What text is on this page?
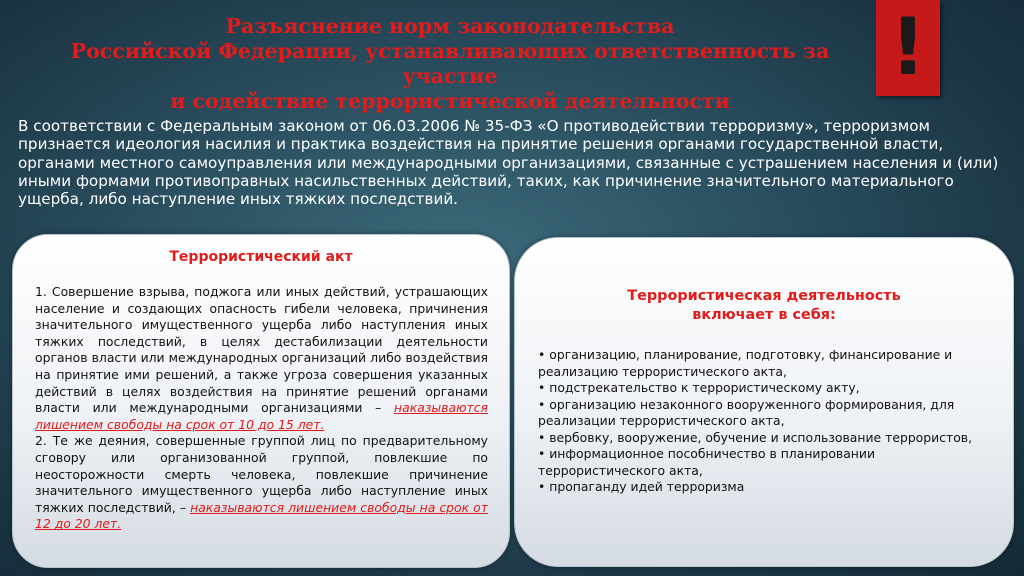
Разъяснение норм законодательства
Российской Федерации, устанавливающих ответственность за участие
и содействие террористической деятельности
!
В соответствии с Федеральным законом от 06.03.2006 № 35-ФЗ «О противодействии терроризму», терроризмом признается идеология насилия и практика воздействия на принятие решения органами государственной власти, органами местного самоуправления или международными организациями, связанные с устрашением населения и (или) иными формами противоправных насильственных действий, таких, как причинение значительного материального ущерба, либо наступление иных тяжких последствий.
Террористический акт

1. Совершение взрыва, поджога или иных действий, устрашающих население и создающих опасность гибели человека, причинения значительного имущественного ущерба либо наступления иных тяжких последствий, в целях дестабилизации деятельности органов власти или международных организаций либо воздействия на принятие ими решений, а также угроза совершения указанных действий в целях воздействия на принятие решений органами власти или международными организациями – наказываются лишением свободы на срок от 10 до 15 лет.

2. Те же деяния, совершенные группой лиц по предварительному сговору или организованной группой, повлекшие по неосторожности смерть человека, повлекшие причинение значительного имущественного ущерба либо наступление иных тяжких последствий, – наказываются лишением свободы на срок от 12 до 20 лет.

Террористическая деятельность
включает в себя:
• организацию, планирование, подготовку, финансирование и реализацию террористического акта,
• подстрекательство к террористическому акту,
• организацию незаконного вооруженного формирования, для реализации террористического акта,
• вербовку, вооружение, обучение и использование террористов,
• информационное пособничество в планировании террористического акта,
• пропаганду идей терроризма
